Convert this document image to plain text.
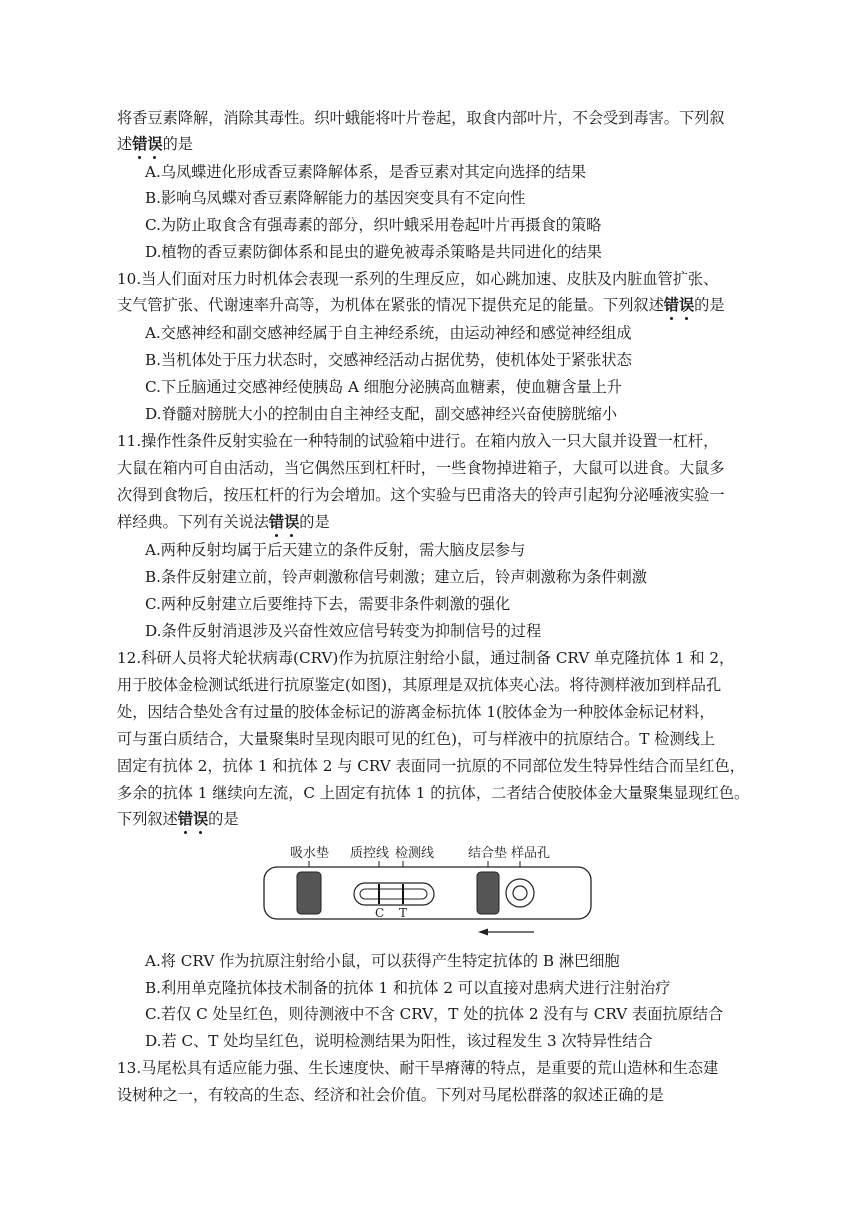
将香豆素降解，消除其毒性。织叶蛾能将叶片卷起，取食内部叶片，不会受到毒害。下列叙
述错误的是
A.乌凤蝶进化形成香豆素降解体系，是香豆素对其定向选择的结果
B.影响乌凤蝶对香豆素降解能力的基因突变具有不定向性
C.为防止取食含有强毒素的部分，织叶蛾采用卷起叶片再摄食的策略
D.植物的香豆素防御体系和昆虫的避免被毒杀策略是共同进化的结果
10.当人们面对压力时机体会表现一系列的生理反应，如心跳加速、皮肤及内脏血管扩张、
支气管扩张、代谢速率升高等，为机体在紧张的情况下提供充足的能量。下列叙述错误的是
A.交感神经和副交感神经属于自主神经系统，由运动神经和感觉神经组成
B.当机体处于压力状态时，交感神经活动占据优势，使机体处于紧张状态
C.下丘脑通过交感神经使胰岛 A 细胞分泌胰高血糖素，使血糖含量上升
D.脊髓对膀胱大小的控制由自主神经支配，副交感神经兴奋使膀胱缩小
11.操作性条件反射实验在一种特制的试验箱中进行。在箱内放入一只大鼠并设置一杠杆，
大鼠在箱内可自由活动，当它偶然压到杠杆时，一些食物掉进箱子，大鼠可以进食。大鼠多
次得到食物后，按压杠杆的行为会增加。这个实验与巴甫洛夫的铃声引起狗分泌唾液实验一
样经典。下列有关说法错误的是
A.两种反射均属于后天建立的条件反射，需大脑皮层参与
B.条件反射建立前，铃声刺激称信号刺激；建立后，铃声刺激称为条件刺激
C.两种反射建立后要维持下去，需要非条件刺激的强化
D.条件反射消退涉及兴奋性效应信号转变为抑制信号的过程
12.科研人员将犬轮状病毒(CRV)作为抗原注射给小鼠，通过制备 CRV 单克隆抗体 1 和 2，
用于胶体金检测试纸进行抗原鉴定(如图)，其原理是双抗体夹心法。将待测样液加到样品孔
处，因结合垫处含有过量的胶体金标记的游离金标抗体 1(胶体金为一种胶体金标记材料，
可与蛋白质结合，大量聚集时呈现肉眼可见的红色)，可与样液中的抗原结合。T 检测线上
固定有抗体 2，抗体 1 和抗体 2 与 CRV 表面同一抗原的不同部位发生特异性结合而呈红色，
多余的抗体 1 继续向左流，C 上固定有抗体 1 的抗体，二者结合使胶体金大量聚集显现红色。
下列叙述错误的是
吸水垫 质控线 检测线	结合垫 样品孔
C T
A.将 CRV 作为抗原注射给小鼠，可以获得产生特定抗体的 B 淋巴细胞
B.利用单克隆抗体技术制备的抗体 1 和抗体 2 可以直接对患病犬进行注射治疗
C.若仅 C 处呈红色，则待测液中不含 CRV，T 处的抗体 2 没有与 CRV 表面抗原结合
D.若 C、T 处均呈红色，说明检测结果为阳性，该过程发生 3 次特异性结合
13.马尾松具有适应能力强、生长速度快、耐干旱瘠薄的特点，是重要的荒山造林和生态建
设树种之一，有较高的生态、经济和社会价值。下列对马尾松群落的叙述正确的是
